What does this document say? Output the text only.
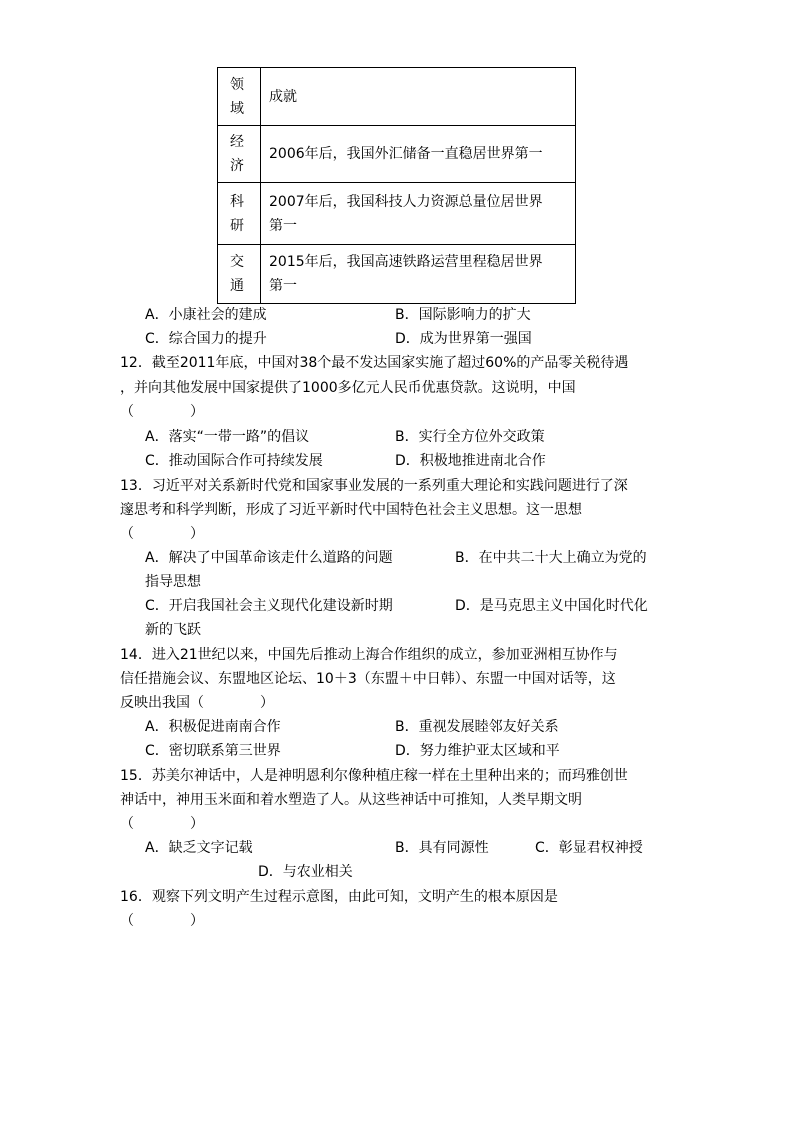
领
域	成就

经
济	2006年后，我国外汇储备一直稳居世界第一

科
研	2007年后，我国科技人力资源总量位居世界
第一

交
通	2015年后，我国高速铁路运营里程稳居世界
第一
A．小康社会的建成	B．国际影响力的扩大
C．综合国力的提升	D．成为世界第一强国
12．截至2011年底，中国对38个最不发达国家实施了超过60%的产品零关税待遇
，并向其他发展中国家提供了1000多亿元人民币优惠贷款。这说明，中国
（　　　　）
A．落实“一带一路”的倡议	B．实行全方位外交政策
C．推动国际合作可持续发展	D．积极地推进南北合作
13．习近平对关系新时代党和国家事业发展的一系列重大理论和实践问题进行了深
邃思考和科学判断，形成了习近平新时代中国特色社会主义思想。这一思想
（　　　　）
A．解决了中国革命该走什么道路的问题	B．在中共二十大上确立为党的
指导思想
C．开启我国社会主义现代化建设新时期	D．是马克思主义中国化时代化
新的飞跃
14．进入21世纪以来，中国先后推动上海合作组织的成立，参加亚洲相互协作与
信任措施会议、东盟地区论坛、10＋3（东盟＋中日韩）、东盟一中国对话等，这
反映出我国（　　　　）
A．积极促进南南合作	B．重视发展睦邻友好关系
C．密切联系第三世界	D．努力维护亚太区域和平
15．苏美尔神话中，人是神明恩利尔像种植庄稼一样在土里种出来的；而玛雅创世
神话中，神用玉米面和着水塑造了人。从这些神话中可推知，人类早期文明
（　　　　）
A．缺乏文字记载	B．具有同源性	C．彰显君权神授
D．与农业相关
16．观察下列文明产生过程示意图，由此可知，文明产生的根本原因是
（　　　　）
